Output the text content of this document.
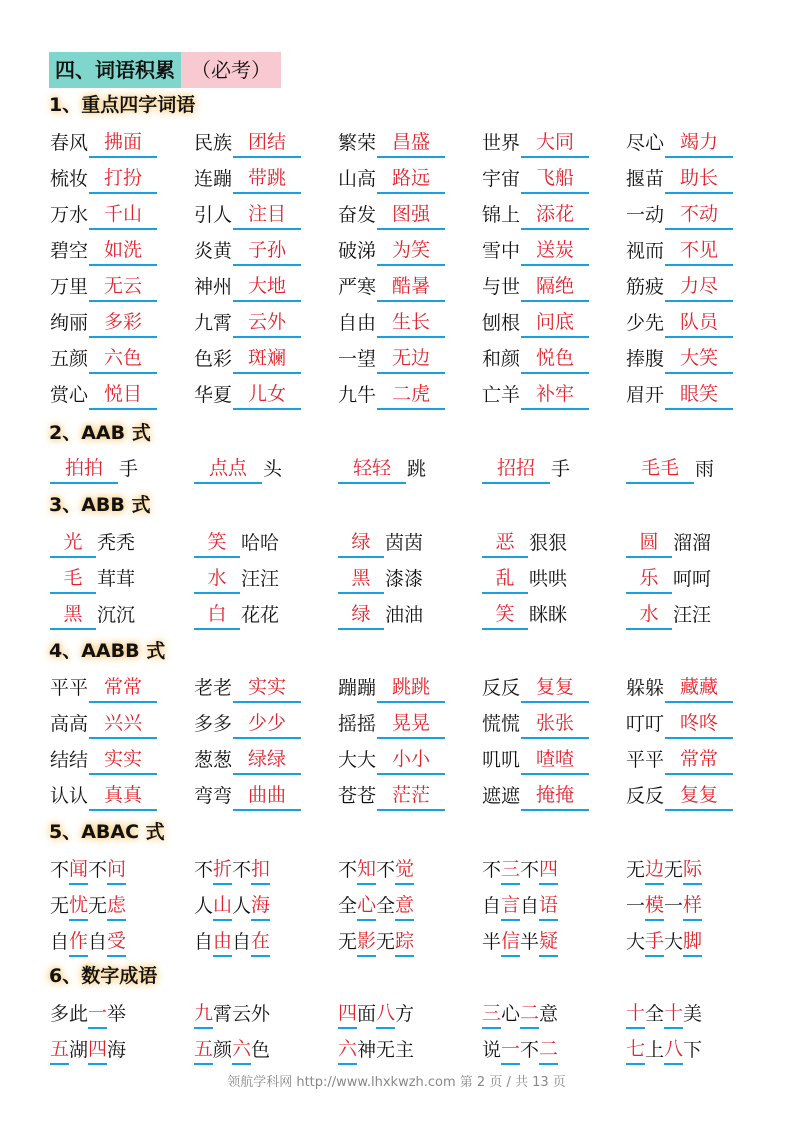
四、词语积累 （必考）
1、重点四字词语
春风 拂面	民族 团结	繁荣 昌盛	世界 大同	尽心 竭力
梳妆 打扮	连蹦 带跳	山高 路远	宇宙 飞船	揠苗 助长
万水 千山	引人 注目	奋发 图强	锦上 添花	一动 不动
碧空 如洗	炎黄 子孙	破涕 为笑	雪中 送炭	视而 不见
万里 无云	神州 大地	严寒 酷暑	与世 隔绝	筋疲 力尽
绚丽 多彩	九霄 云外	自由 生长	刨根 问底	少先 队员
五颜 六色	色彩 斑斓	一望 无边	和颜 悦色	捧腹 大笑
赏心 悦目	华夏 儿女	九牛 二虎	亡羊 补牢	眉开 眼笑
2、AAB 式
拍拍 手	点点 头	轻轻 跳	招招 手	毛毛 雨
3、ABB 式
光 秃秃	笑 哈哈	绿 茵茵	恶 狠狠	圆 溜溜
毛 茸茸	水 汪汪	黑 漆漆	乱 哄哄	乐 呵呵
黑 沉沉	白 花花	绿 油油	笑 眯眯	水 汪汪
4、AABB 式
平平 常常	老老 实实	蹦蹦 跳跳	反反 复复	躲躲 藏藏
高高 兴兴	多多 少少	摇摇 晃晃	慌慌 张张	叮叮 咚咚
结结 实实	葱葱 绿绿	大大 小小	叽叽 喳喳	平平 常常
认认 真真	弯弯 曲曲	苍苍 茫茫	遮遮 掩掩	反反 复复
5、ABAC 式
不 闻 不 问	不 折 不 扣	不 知 不 觉	不 三 不 四	无 边 无 际
无 忧 无 虑	人 山 人 海	全 心 全 意	自 言 自 语	一 模 一 样
自 作 自 受	自 由 自 在	无 影 无 踪	半 信 半 疑	大 手 大 脚
6、数字成语
多此 一 举	九 霄云外	四 面 八 方	三 心 二 意	十 全 十 美
五 湖 四 海	五 颜 六 色	六 神无主	说 一 不 二	七 上 八 下
领航学科网 http://www.lhxkwzh.com 第 2 页 / 共 13 页
